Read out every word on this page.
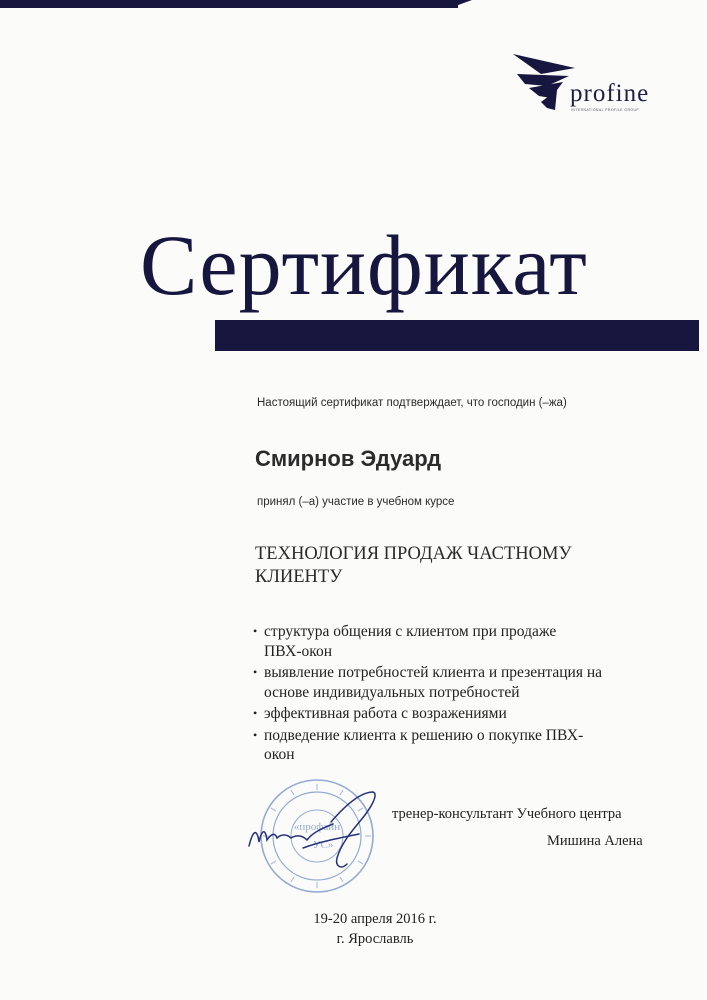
profine
INTERNATIONAL PROFILE GROUP
Сертификат
Настоящий сертификат подтверждает, что господин (–жа)
Смирнов Эдуард
принял (–а) участие в учебном курсе
ТЕХНОЛОГИЯ ПРОДАЖ ЧАСТНОМУ
КЛИЕНТУ
• структура общения с клиентом при продаже
ПВХ-окон
• выявление потребностей клиента и презентация на
основе индивидуальных потребностей
• эффективная работа с возражениями
• подведение клиента к решению о покупке ПВХ-
окон
«профайн
УС»
тренер-консультант Учебного центра
Мишина Алена
19-20 апреля 2016 г.
г. Ярославль
